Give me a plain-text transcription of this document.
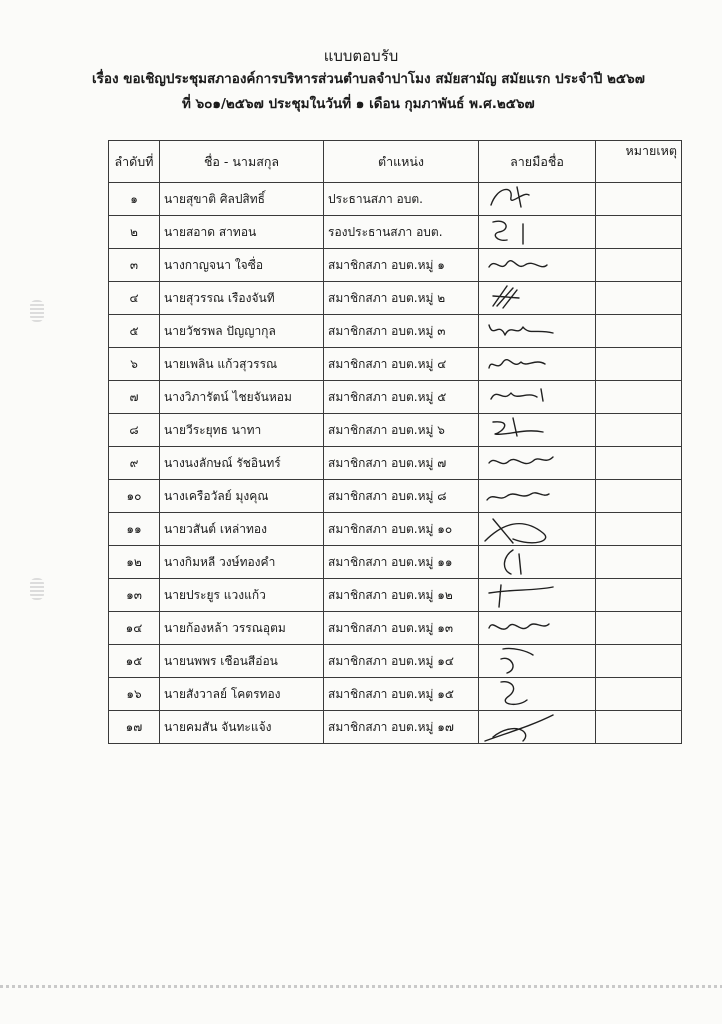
แบบตอบรับ
เรื่อง ขอเชิญประชุมสภาองค์การบริหารส่วนตำบลจำปาโมง สมัยสามัญ สมัยแรก ประจำปี ๒๕๖๗
ที่ ๖๐๑/๒๕๖๗ ประชุมในวันที่ ๑ เดือน กุมภาพันธ์ พ.ศ.๒๕๖๗
ลำดับที่	ชื่อ - นามสกุล	ตำแหน่ง	ลายมือชื่อ	หมายเหตุ
๑	นายสุขาติ ศิลปสิทธิ์	ประธานสภา อบต.	

๒	นายสอาด สาทอน	รองประธานสภา อบต.	

๓	นางกาญจนา ใจซื่อ	สมาชิกสภา อบต.หมู่ ๑	

๔	นายสุวรรณ เรืองจันที	สมาชิกสภา อบต.หมู่ ๒	

๕	นายวัชรพล ปัญญากุล	สมาชิกสภา อบต.หมู่ ๓	

๖	นายเพลิน แก้วสุวรรณ	สมาชิกสภา อบต.หมู่ ๔	

๗	นางวิภารัตน์ ไชยจันหอม	สมาชิกสภา อบต.หมู่ ๕	

๘	นายวีระยุทธ นาทา	สมาชิกสภา อบต.หมู่ ๖	

๙	นางนงลักษณ์ รัชอินทร์	สมาชิกสภา อบต.หมู่ ๗	

๑๐	นางเครือวัลย์ มุงคุณ	สมาชิกสภา อบต.หมู่ ๘	

๑๑	นายวสันต์ เหล่าทอง	สมาชิกสภา อบต.หมู่ ๑๐	

๑๒	นางกิมหลี วงษ์ทองคำ	สมาชิกสภา อบต.หมู่ ๑๑	

๑๓	นายประยูร แวงแก้ว	สมาชิกสภา อบต.หมู่ ๑๒	

๑๔	นายก้องหล้า วรรณอุตม	สมาชิกสภา อบต.หมู่ ๑๓	

๑๕	นายนพพร เชือนสีอ่อน	สมาชิกสภา อบต.หมู่ ๑๔	

๑๖	นายสังวาลย์ โคตรทอง	สมาชิกสภา อบต.หมู่ ๑๕	

๑๗	นายคมสัน จันทะแจ้ง	สมาชิกสภา อบต.หมู่ ๑๗	
